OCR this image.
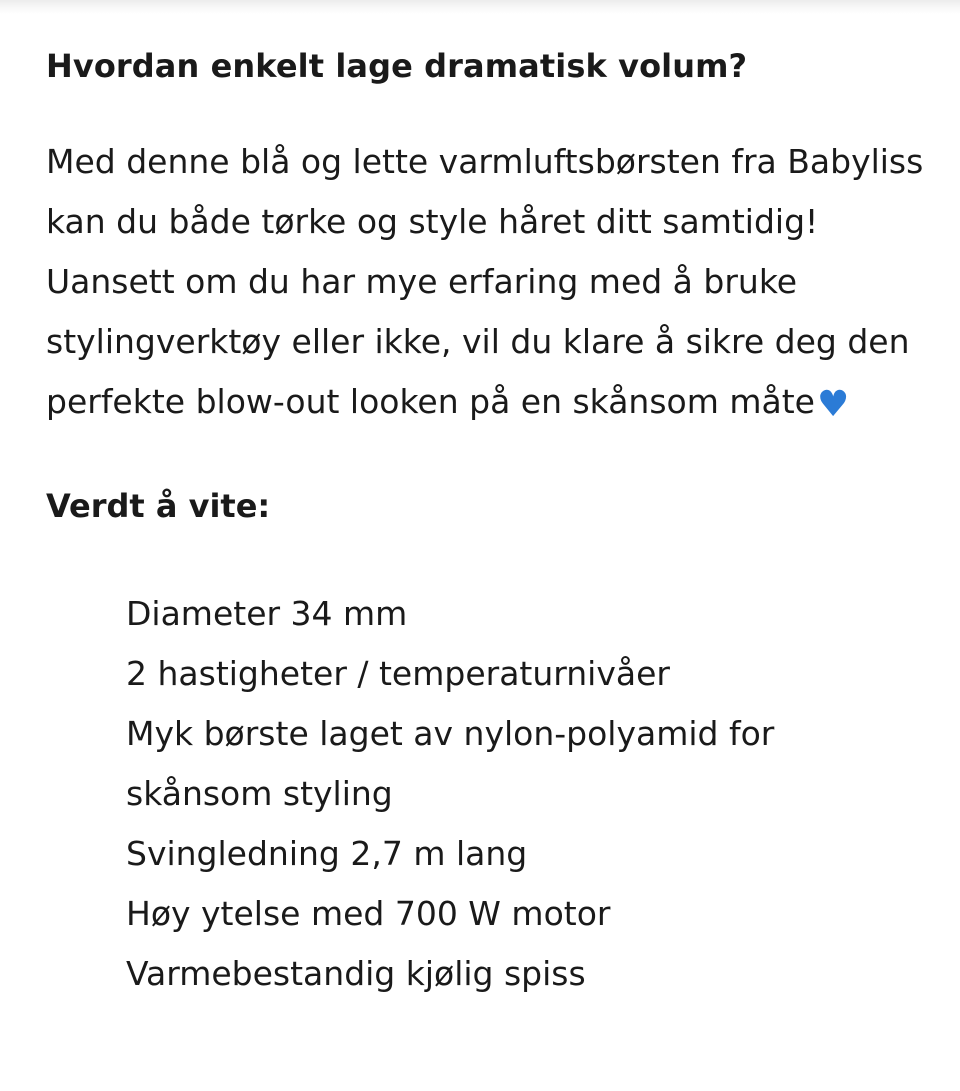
Hvordan enkelt lage dramatisk volum?

Med denne blå og lette varmluftsbørsten fra Babyliss kan du både tørke og style håret ditt samtidig! Uansett om du har mye erfaring med å bruke stylingverktøy eller ikke, vil du klare å sikre deg den perfekte blow-out looken på en skånsom måte♥

Verdt å vite:
Diameter 34 mm
2 hastigheter / temperaturnivåer
Myk børste laget av nylon-polyamid for skånsom styling
Svingledning 2,7 m lang
Høy ytelse med 700 W motor
Varmebestandig kjølig spiss
